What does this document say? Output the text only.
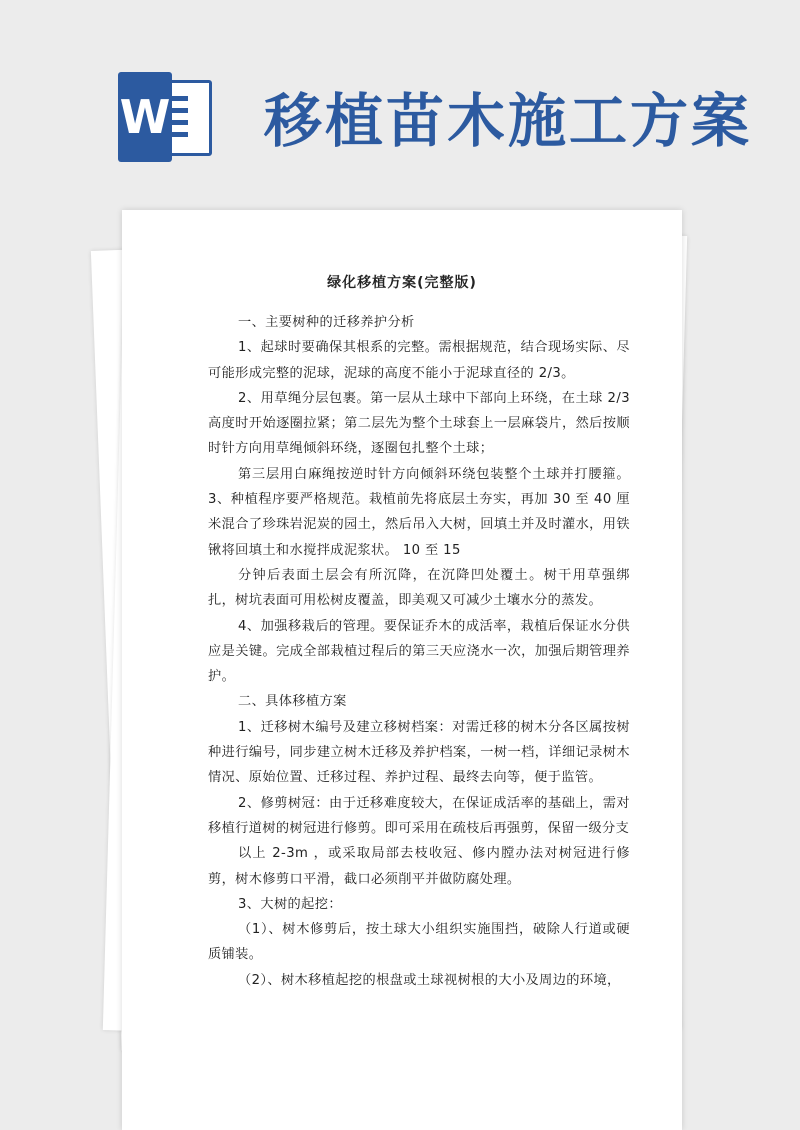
W 移植苗木施工方案
绿化移植方案(完整版)

一、主要树种的迁移养护分析

1、起球时要确保其根系的完整。需根据规范，结合现场实际、尽可能形成完整的泥球，泥球的高度不能小于泥球直径的 2/3。

2、用草绳分层包裹。第一层从土球中下部向上环绕，在土球 2/3 高度时开始逐圈拉紧；第二层先为整个土球套上一层麻袋片，然后按顺时针方向用草绳倾斜环绕，逐圈包扎整个土球；

第三层用白麻绳按逆时针方向倾斜环绕包装整个土球并打腰箍。 3、种植程序要严格规范。栽植前先将底层土夯实，再加 30 至 40 厘米混合了珍珠岩泥炭的园土，然后吊入大树，回填土并及时灌水，用铁锹将回填土和水搅拌成泥浆状。 10 至 15

分钟后表面土层会有所沉降，在沉降凹处覆土。树干用草强绑扎，树坑表面可用松树皮覆盖，即美观又可减少土壤水分的蒸发。

4、加强移栽后的管理。要保证乔木的成活率，栽植后保证水分供应是关键。完成全部栽植过程后的第三天应浇水一次，加强后期管理养护。

二、具体移植方案

1、迁移树木编号及建立移树档案：对需迁移的树木分各区属按树种进行编号，同步建立树木迁移及养护档案，一树一档，详细记录树木情况、原始位置、迁移过程、养护过程、最终去向等，便于监管。

2、修剪树冠：由于迁移难度较大，在保证成活率的基础上，需对移植行道树的树冠进行修剪。即可采用在疏枝后再强剪，保留一级分支

以上 2-3m ，或采取局部去枝收冠、修内膛办法对树冠进行修剪，树木修剪口平滑，截口必须削平并做防腐处理。

3、大树的起挖：

（1）、树木修剪后，按土球大小组织实施围挡，破除人行道或硬质铺装。

（2）、树木移植起挖的根盘或土球视树根的大小及周边的环境，
